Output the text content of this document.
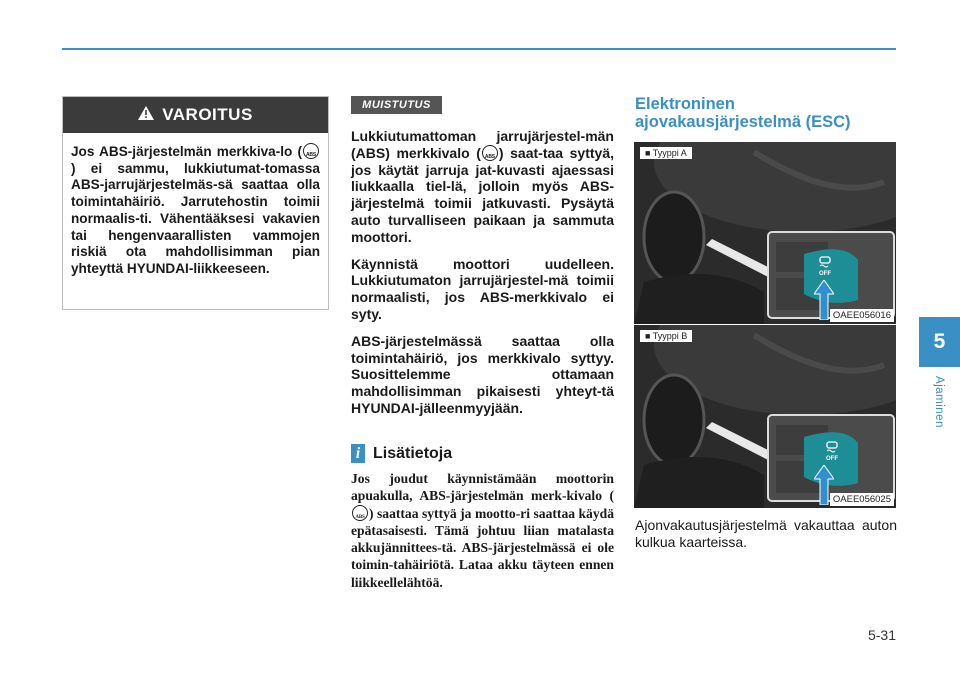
VAROITUS
Jos ABS-järjestelmän merkkiva-lo (ABS) ei sammu, lukkiutumat-tomassa ABS-jarrujärjestelmäs-sä saattaa olla toimintahäiriö. Jarrutehostin toimii normaalis-ti. Vähentääksesi vakavien tai hengenvaarallisten vammojen riskiä ota mahdollisimman pian yhteyttä HYUNDAI-liikkeeseen.
MUISTUTUS

Lukkiutumattoman jarrujärjestel-män (ABS) merkkivalo (ABS ) saat-taa syttyä, jos käytät jarruja jat-kuvasti ajaessasi liukkaalla tiel-lä, jolloin myös ABS-järjestelmä toimii jatkuvasti. Pysäytä auto turvalliseen paikaan ja sammuta moottori.

Käynnistä moottori uudelleen. Lukkiutumaton jarrujärjestel-mä toimii normaalisti, jos ABS-merkkivalo ei syty.

ABS-järjestelmässä saattaa olla toimintahäiriö, jos merkkivalo syttyy. Suosittelemme ottamaan mahdollisimman pikaisesti yhteyt-tä HYUNDAI-jälleenmyyjään.

i Lisätietoja
Jos joudut käynnistämään moottorin apuakulla, ABS-järjestelmän merk-kivalo (ABS) saattaa syttyä ja mootto-ri saattaa käydä epätasaisesti. Tämä johtuu liian matalasta akkujännittees-tä. ABS-järjestelmässä ei ole toimin-tahäiriötä. Lataa akku täyteen ennen liikkeellelähtöä.
Elektroninen
ajovakausjärjestelmä (ESC)
OFF
■ Tyyppi A
OAEE056016
OFF
■ Tyyppi B
OAEE056025
Ajonvakautusjärjestelmä vakauttaa auton kulkua kaarteissa.
5
Ajaminen
5-31
